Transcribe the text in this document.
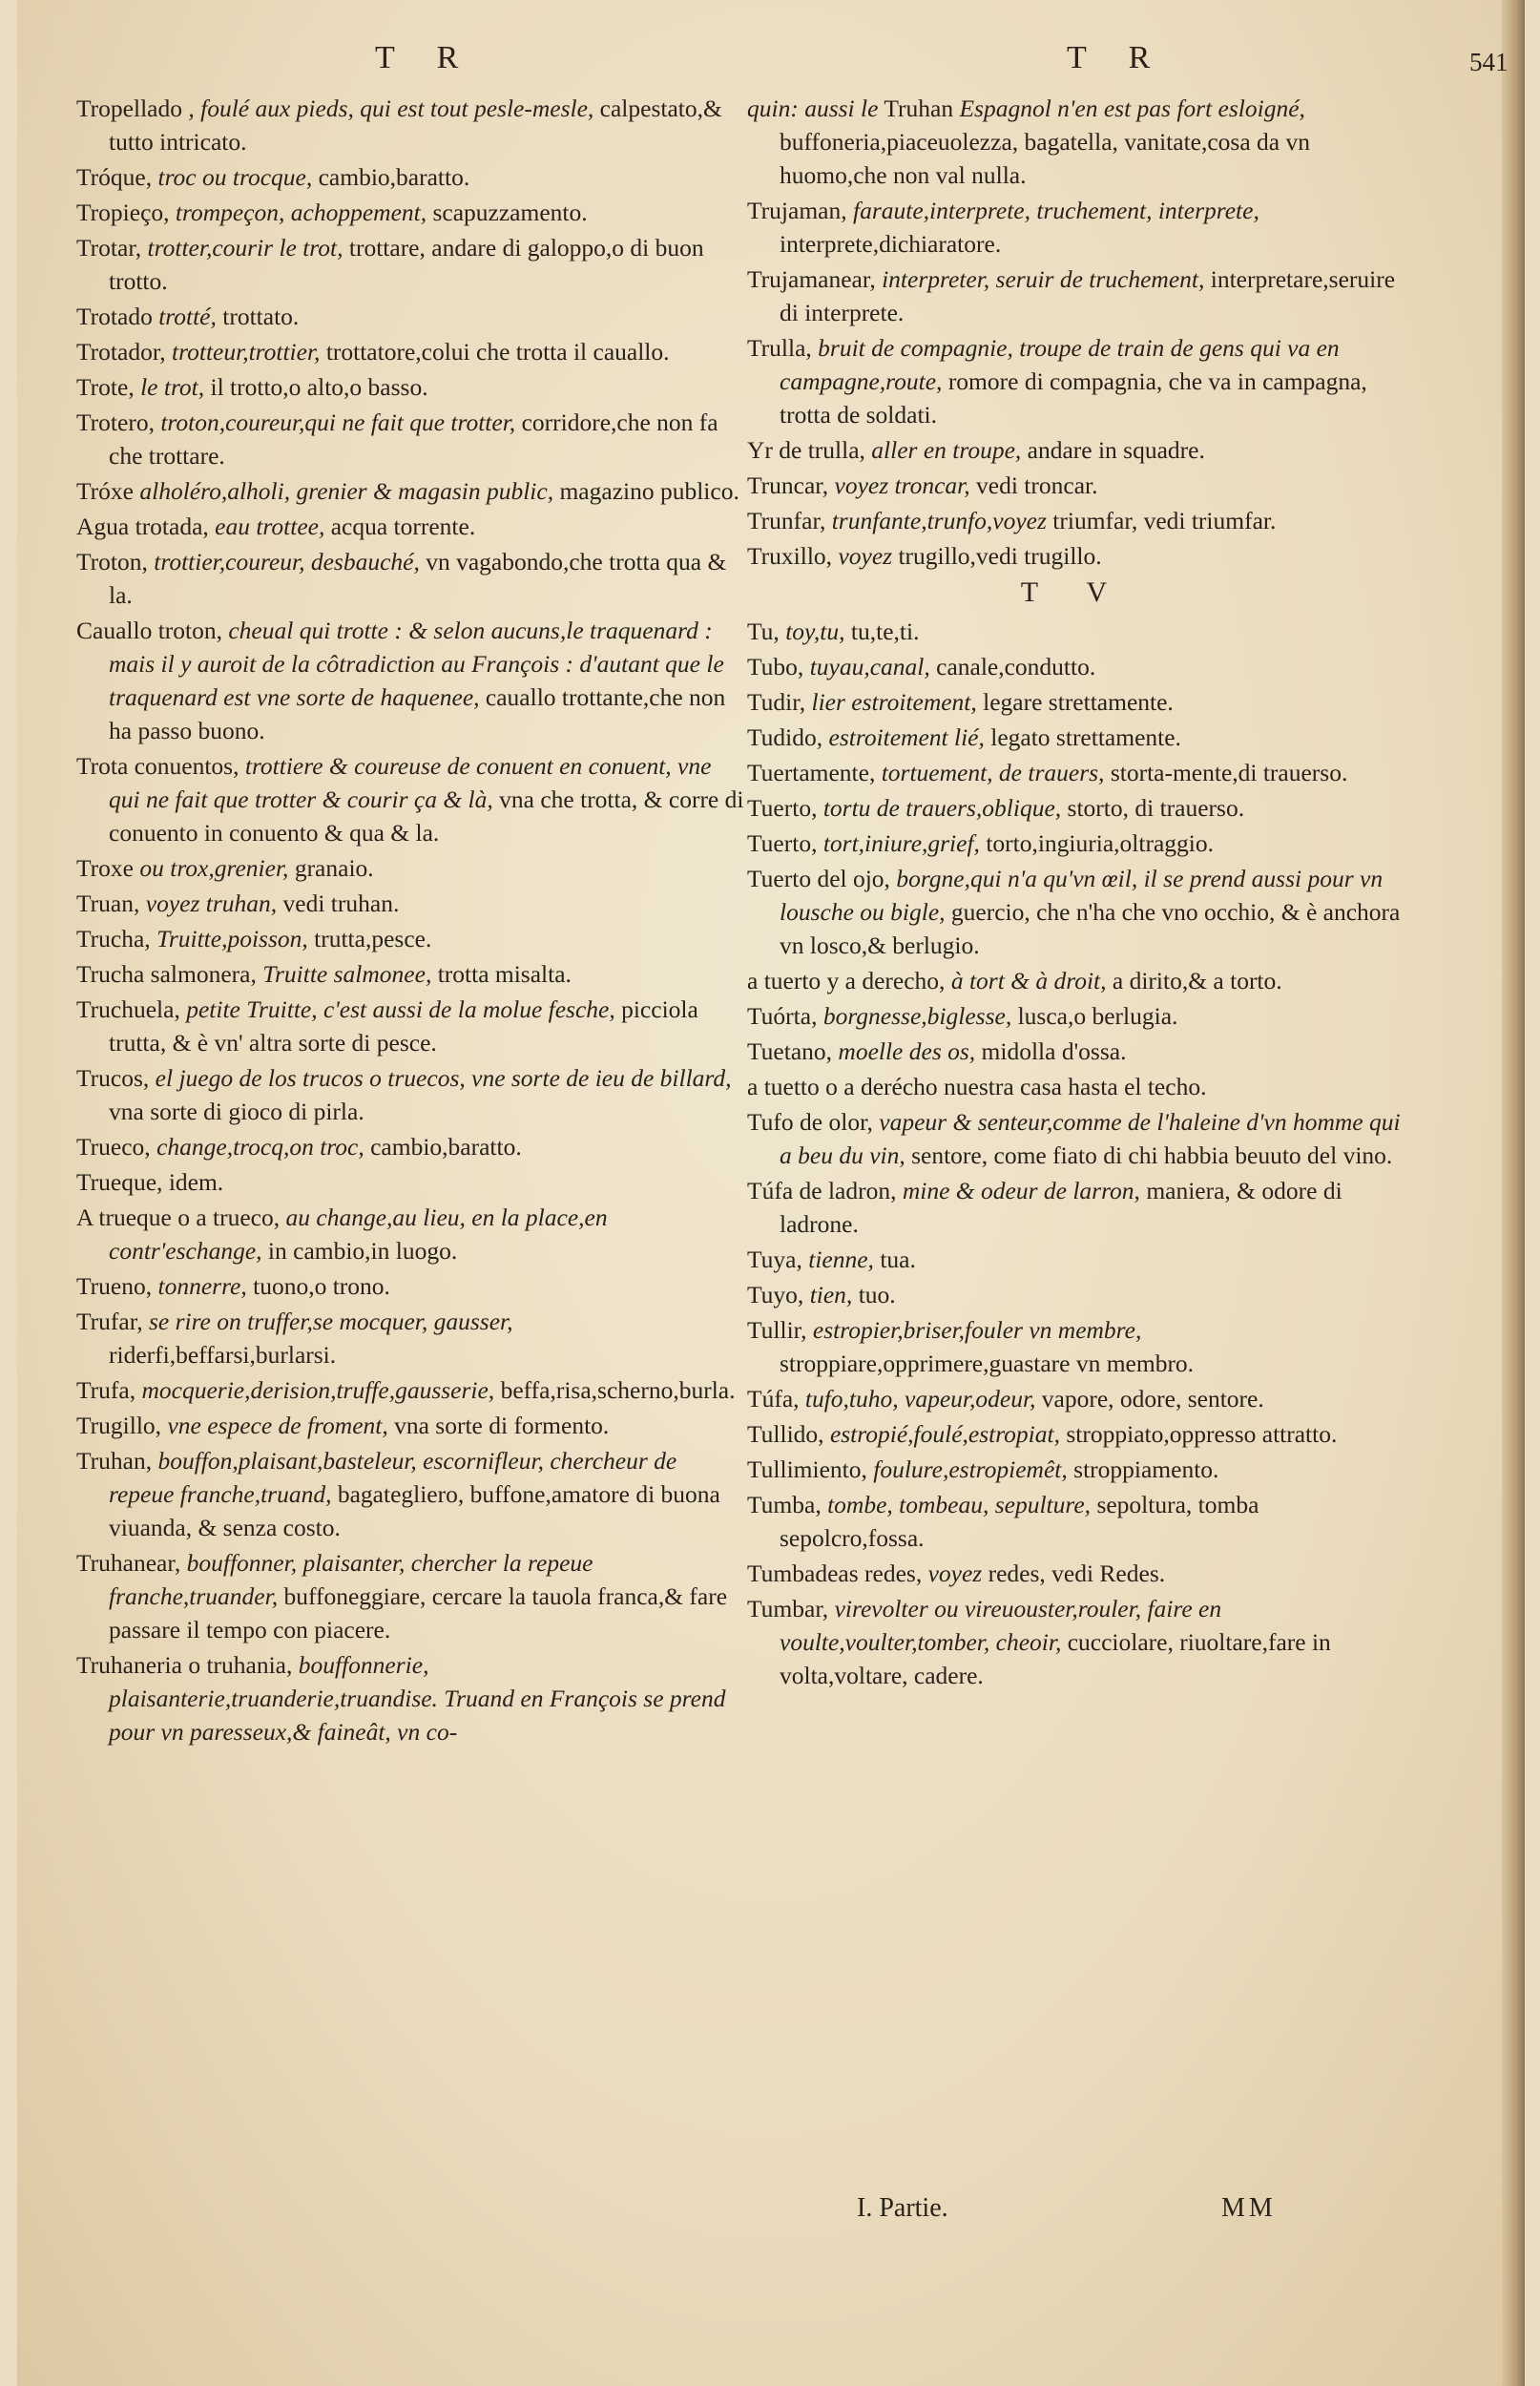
T R	T R	541
Tropellado , foulé aux pieds, qui est tout pesle-mesle, calpestato,& tutto intricato.
Tróque, troc ou trocque, cambio,baratto.
Tropieço, trompeçon, achoppement, scapuzzamento.
Trotar, trotter,courir le trot, trottare, andare di galoppo,o di buon trotto.
Trotado trotté, trottato.
Trotador, trotteur,trottier, trottatore,colui che trotta il cauallo.
Trote, le trot, il trotto,o alto,o basso.
Trotero, troton,coureur,qui ne fait que trotter, corridore,che non fa che trottare.
Tróxe alholéro,alholi, grenier & magasin public, magazino publico.
Agua trotada, eau trottee, acqua torrente.
Troton, trottier,coureur, desbauché, vn vagabondo,che trotta qua & la.
Cauallo troton, cheual qui trotte : & selon aucuns,le traquenard : mais il y auroit de la côtradiction au François : d'autant que le traquenard est vne sorte de haquenee, cauallo trottante,che non ha passo buono.
Trota conuentos, trottiere & coureuse de conuent en conuent, vne qui ne fait que trotter & courir ça & là, vna che trotta, & corre di conuento in conuento & qua & la.
Troxe ou trox,grenier, granaio.
Truan, voyez truhan, vedi truhan.
Trucha, Truitte,poisson, trutta,pesce.
Trucha salmonera, Truitte salmonee, trotta misalta.
Truchuela, petite Truitte, c'est aussi de la molue fesche, picciola trutta, & è vn' altra sorte di pesce.
Trucos, el juego de los trucos o truecos, vne sorte de ieu de billard, vna sorte di gioco di pirla.
Trueco, change,trocq,on troc, cambio,baratto.
Trueque, idem.
A trueque o a trueco, au change,au lieu, en la place,en contr'eschange, in cambio,in luogo.
Trueno, tonnerre, tuono,o trono.
Trufar, se rire on truffer,se mocquer, gausser, riderfi,beffarsi,burlarsi.
Trufa, mocquerie,derision,truffe,gausserie, beffa,risa,scherno,burla.
Trugillo, vne espece de froment, vna sorte di formento.
Truhan, bouffon,plaisant,basteleur, escornifleur, chercheur de repeue franche,truand, bagategliero, buffone,amatore di buona viuanda, & senza costo.
Truhanear, bouffonner, plaisanter, chercher la repeue franche,truander, buffoneggiare, cercare la tauola franca,& fare passare il tempo con piacere.
Truhaneria o truhania, bouffonnerie, plaisanterie,truanderie,truandise. Truand en François se prend pour vn paresseux,& faineât, vn co-
quin: aussi le Truhan Espagnol n'en est pas fort esloigné, buffoneria,piaceuolezza, bagatella, vanitate,cosa da vn huomo,che non val nulla.
Trujaman, faraute,interprete, truchement, interprete, interprete,dichiaratore.
Trujamanear, interpreter, seruir de truchement, interpretare,seruire di interprete.
Trulla, bruit de compagnie, troupe de train de gens qui va en campagne,route, romore di compagnia, che va in campagna, trotta de soldati.
Yr de trulla, aller en troupe, andare in squadre.
Truncar, voyez troncar, vedi troncar.
Trunfar, trunfante,trunfo,voyez triumfar, vedi triumfar.
Truxillo, voyez trugillo,vedi trugillo.
T V
Tu, toy,tu, tu,te,ti.
Tubo, tuyau,canal, canale,condutto.
Tudir, lier estroitement, legare strettamente.
Tudido, estroitement lié, legato strettamente.
Tuertamente, tortuement, de trauers, storta-mente,di trauerso.
Tuerto, tortu de trauers,oblique, storto, di trauerso.
Tuerto, tort,iniure,grief, torto,ingiuria,oltraggio.
Tuerto del ojo, borgne,qui n'a qu'vn œil, il se prend aussi pour vn lousche ou bigle, guercio, che n'ha che vno occhio, & è anchora vn losco,& berlugio.
a tuerto y a derecho, à tort & à droit, a dirito,& a torto.
Tuórta, borgnesse,biglesse, lusca,o berlugia.
Tuetano, moelle des os, midolla d'ossa.
a tuetto o a derécho nuestra casa hasta el techo.
Tufo de olor, vapeur & senteur,comme de l'haleine d'vn homme qui a beu du vin, sentore, come fiato di chi habbia beuuto del vino.
Túfa de ladron, mine & odeur de larron, maniera, & odore di ladrone.
Tuya, tienne, tua.
Tuyo, tien, tuo.
Tullir, estropier,briser,fouler vn membre, stroppiare,opprimere,guastare vn membro.
Túfa, tufo,tuho, vapeur,odeur, vapore, odore, sentore.
Tullido, estropié,foulé,estropiat, stroppiato,oppresso attratto.
Tullimiento, foulure,estropiemêt, stroppiamento.
Tumba, tombe, tombeau, sepulture, sepoltura, tomba sepolcro,fossa.
Tumbadeas redes, voyez redes, vedi Redes.
Tumbar, virevolter ou vireuouster,rouler, faire en voulte,voulter,tomber, cheoir, cucciolare, riuoltare,fare in volta,voltare, cadere.
I. Partie.	MM
